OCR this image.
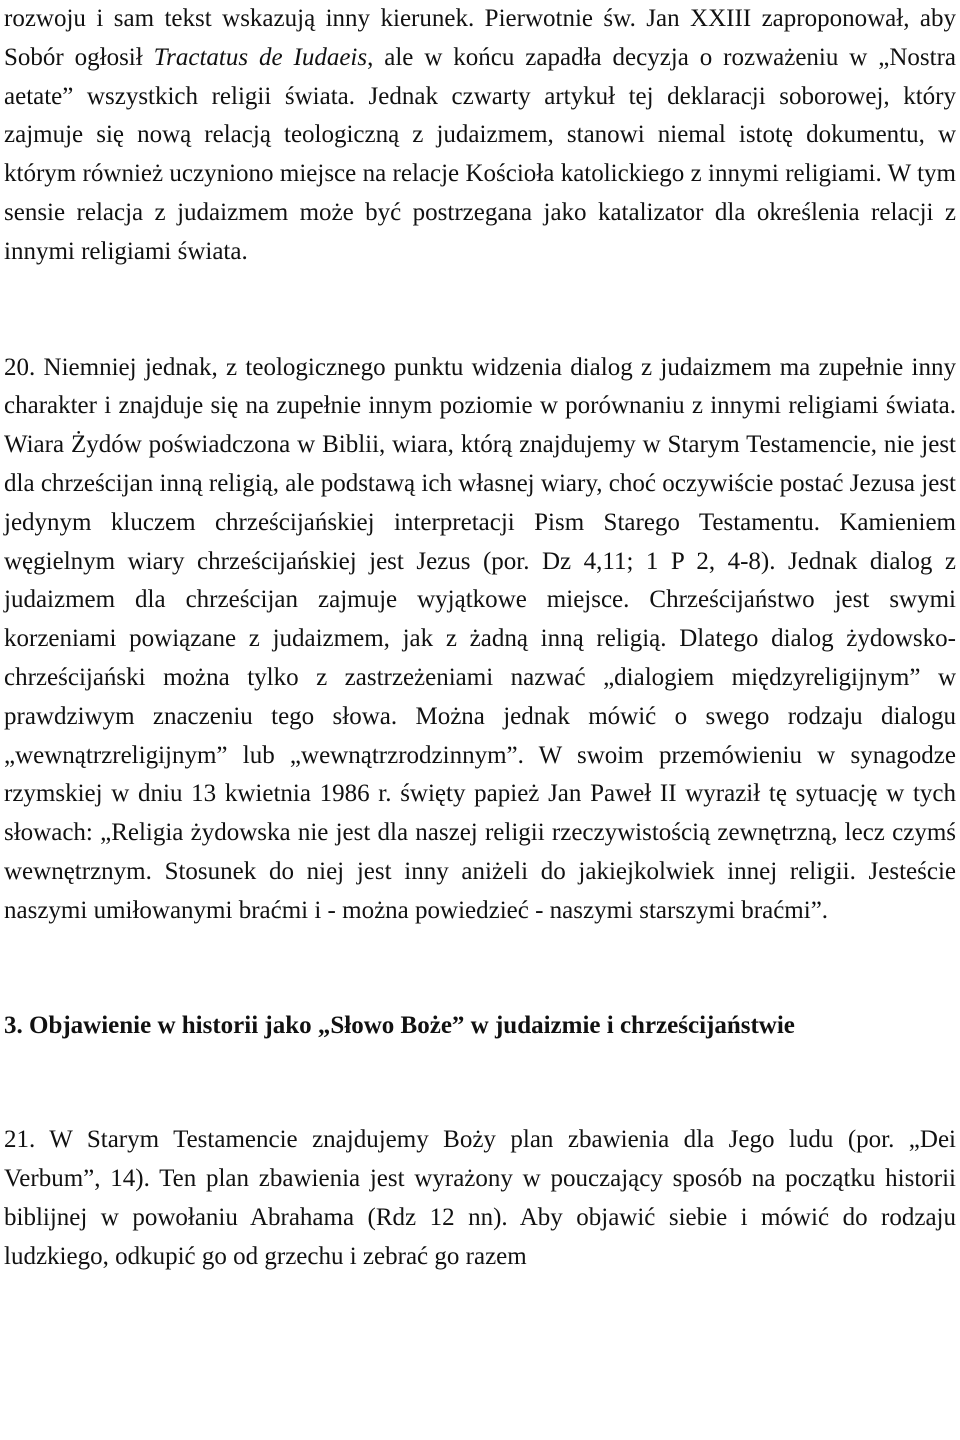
rozwoju i sam tekst wskazują inny kierunek. Pierwotnie św. Jan XXIII zaproponował, aby Sobór ogłosił Tractatus de Iudaeis, ale w końcu zapadła decyzja o rozważeniu w „Nostra aetate” wszystkich religii świata. Jednak czwarty artykuł tej deklaracji soborowej, który zajmuje się nową relacją teologiczną z judaizmem, stanowi niemal istotę dokumentu, w którym również uczyniono miejsce na relacje Kościoła katolickiego z innymi religiami. W tym sensie relacja z judaizmem może być postrzegana jako katalizator dla określenia relacji z innymi religiami świata.

20. Niemniej jednak, z teologicznego punktu widzenia dialog z judaizmem ma zupełnie inny charakter i znajduje się na zupełnie innym poziomie w porównaniu z innymi religiami świata. Wiara Żydów poświadczona w Biblii, wiara, którą znajdujemy w Starym Testamencie, nie jest dla chrześcijan inną religią, ale podstawą ich własnej wiary, choć oczywiście postać Jezusa jest jedynym kluczem chrześcijańskiej interpretacji Pism Starego Testamentu. Kamieniem węgielnym wiary chrześcijańskiej jest Jezus (por. Dz 4,11; 1 P 2, 4-8). Jednak dialog z judaizmem dla chrześcijan zajmuje wyjątkowe miejsce. Chrześcijaństwo jest swymi korzeniami powiązane z judaizmem, jak z żadną inną religią. Dlatego dialog żydowsko-chrześcijański można tylko z zastrzeżeniami nazwać „dialogiem międzyreligijnym” w prawdziwym znaczeniu tego słowa. Można jednak mówić o swego rodzaju dialogu „wewnątrzreligijnym” lub „wewnątrzrodzinnym”. W swoim przemówieniu w synagodze rzymskiej w dniu 13 kwietnia 1986 r. święty papież Jan Paweł II wyraził tę sytuację w tych słowach: „Religia żydowska nie jest dla naszej religii rzeczywistością zewnętrzną, lecz czymś wewnętrznym. Stosunek do niej jest inny aniżeli do jakiejkolwiek innej religii. Jesteście naszymi umiłowanymi braćmi i - można powiedzieć - naszymi starszymi braćmi”.

3. Objawienie w historii jako „Słowo Boże” w judaizmie i chrześcijaństwie

21. W Starym Testamencie znajdujemy Boży plan zbawienia dla Jego ludu (por. „Dei Verbum”, 14). Ten plan zbawienia jest wyrażony w pouczający sposób na początku historii biblijnej w powołaniu Abrahama (Rdz 12 nn). Aby objawić siebie i mówić do rodzaju ludzkiego, odkupić go od grzechu i zebrać go razem
